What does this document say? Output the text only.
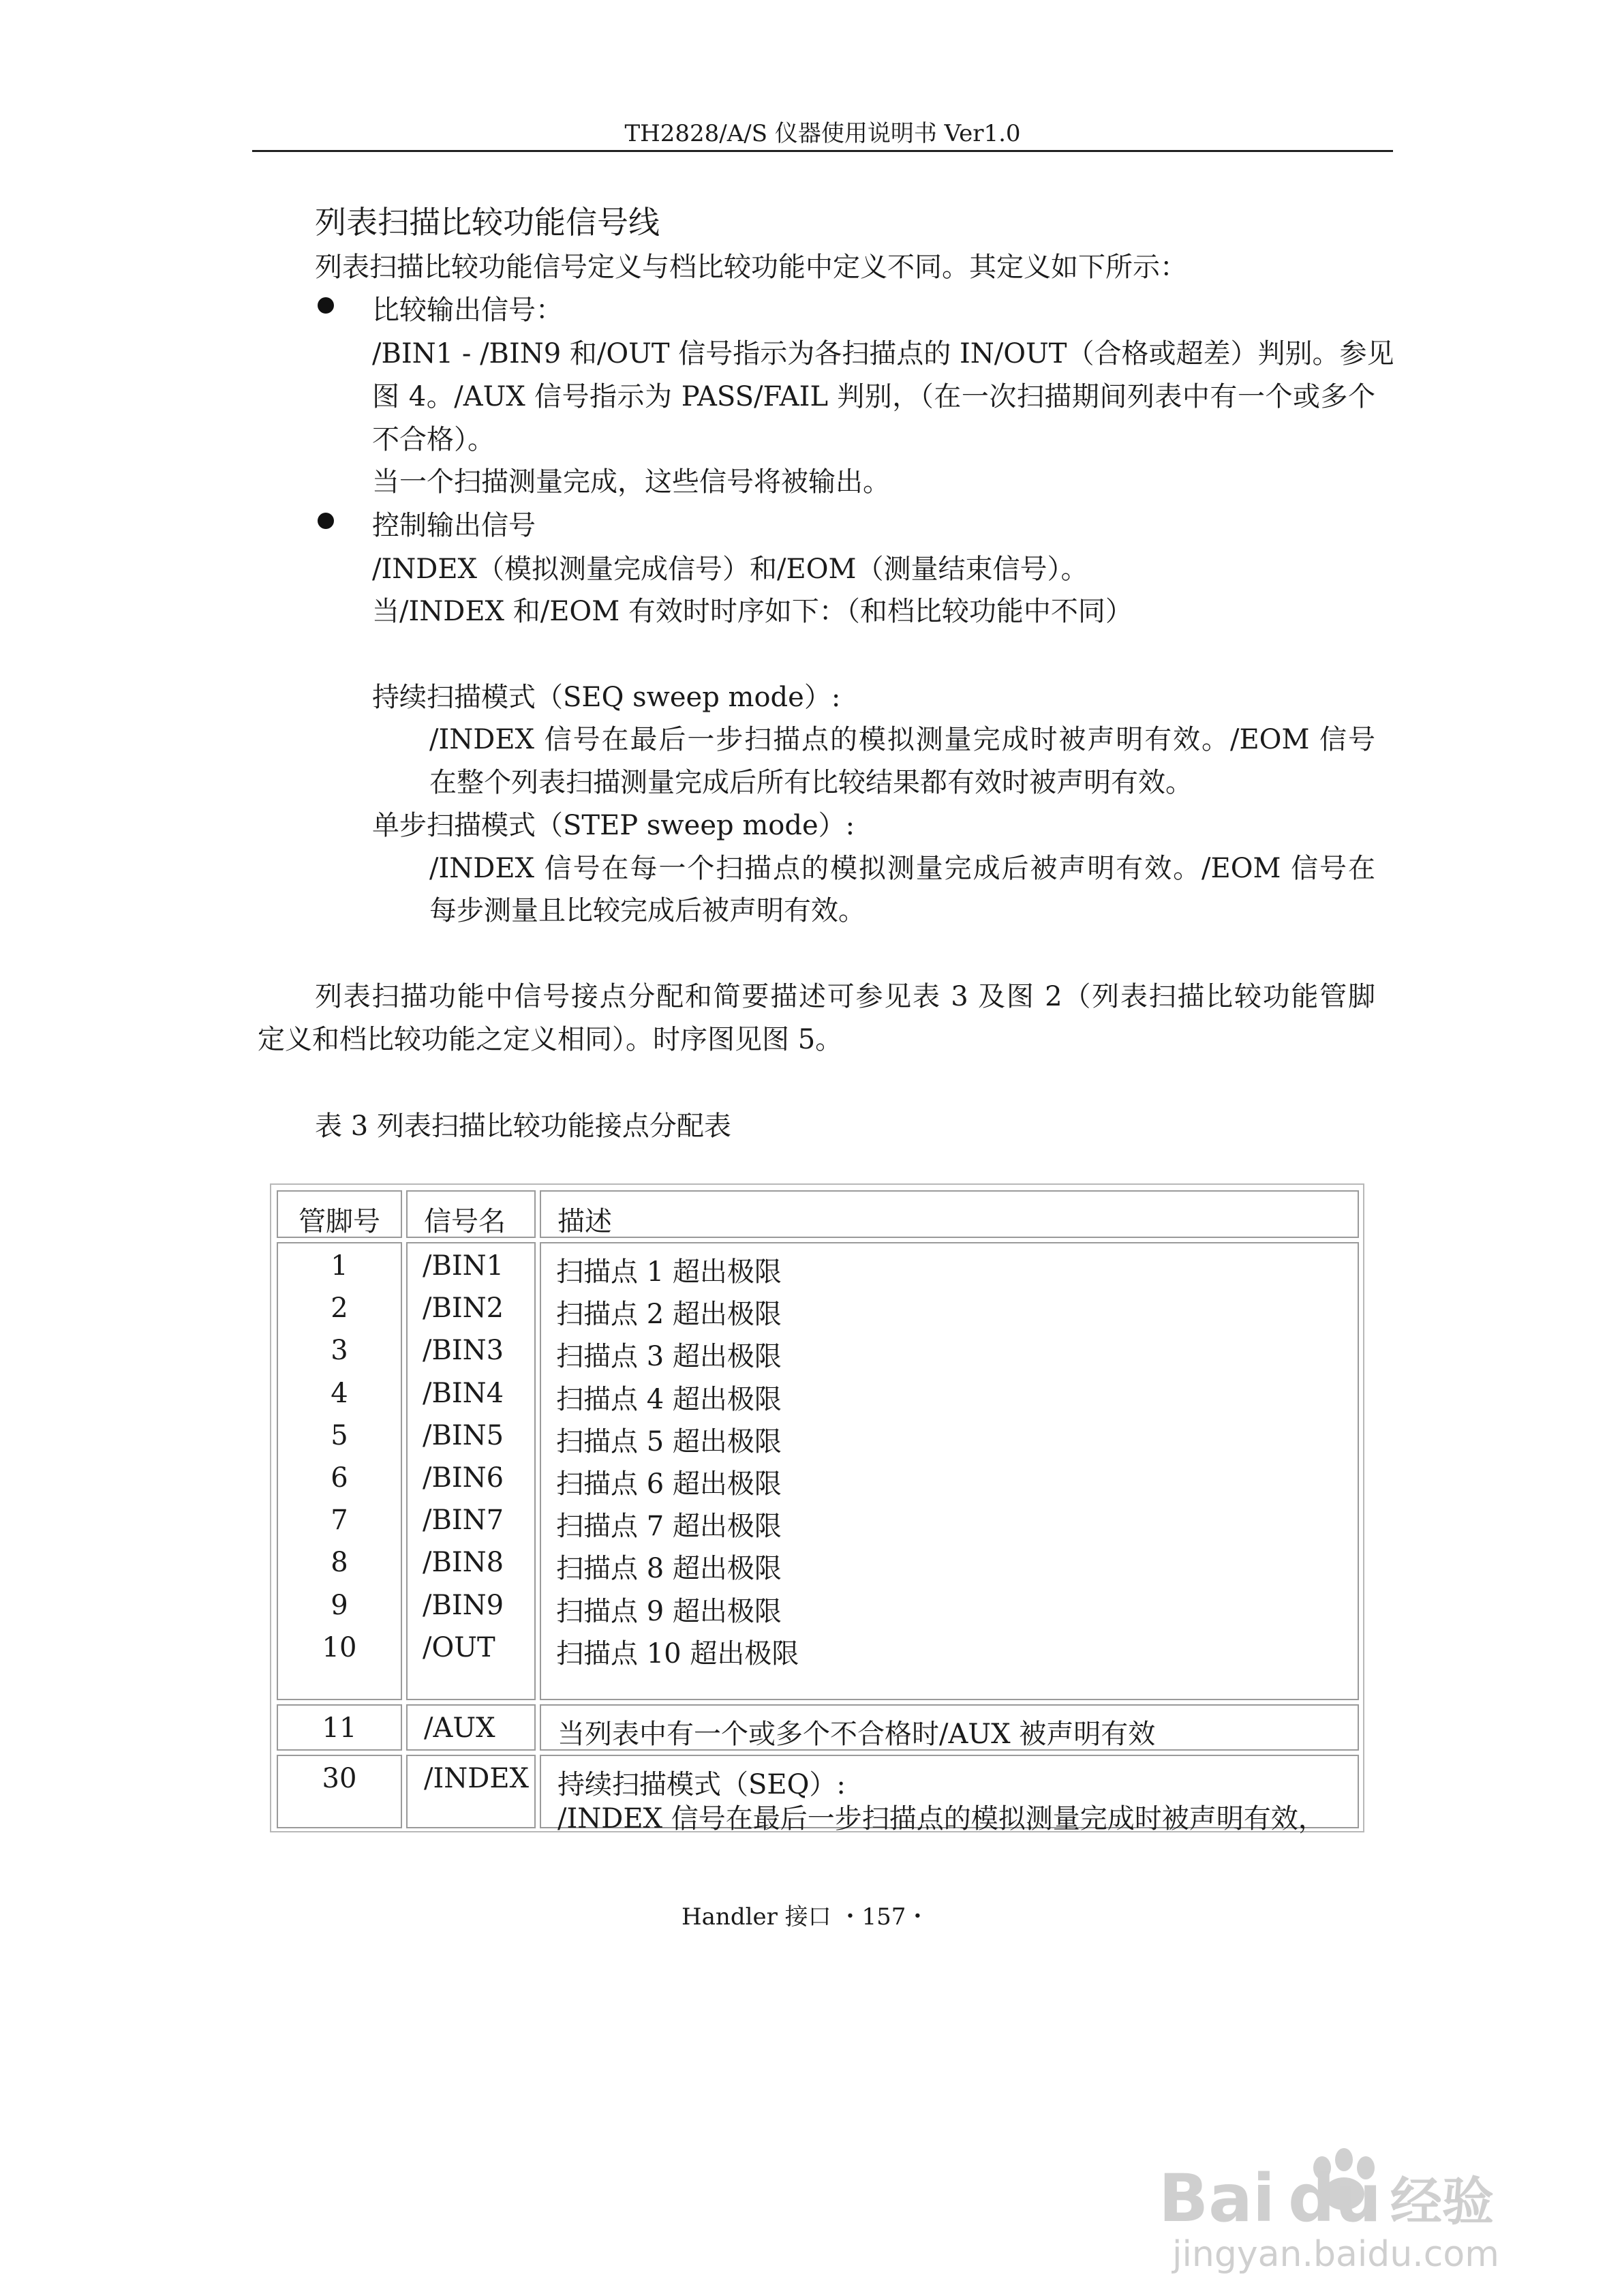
TH2828/A/S 仪器使用说明书 Ver1.0
列表扫描比较功能信号线
列表扫描比较功能信号定义与档比较功能中定义不同。其定义如下所示：
比较输出信号：
/BIN1 - /BIN9 和/OUT 信号指示为各扫描点的 IN/OUT（合格或超差）判别。参见
图 4。/AUX 信号指示为 PASS/FAIL 判别，（在一次扫描期间列表中有一个或多个
不合格）。
当一个扫描测量完成，这些信号将被输出。
控制输出信号
/INDEX（模拟测量完成信号）和/EOM（测量结束信号）。
当/INDEX 和/EOM 有效时时序如下：（和档比较功能中不同）
持续扫描模式（SEQ sweep mode）:
/INDEX 信号在最后一步扫描点的模拟测量完成时被声明有效。/EOM 信号
在整个列表扫描测量完成后所有比较结果都有效时被声明有效。
单步扫描模式（STEP sweep mode）:
/INDEX 信号在每一个扫描点的模拟测量完成后被声明有效。/EOM 信号在
每步测量且比较完成后被声明有效。
列表扫描功能中信号接点分配和简要描述可参见表 3 及图 2（列表扫描比较功能管脚
定义和档比较功能之定义相同）。时序图见图 5。
表 3 列表扫描比较功能接点分配表
管脚号	信号名 描述
1	/BIN1 扫描点 1 超出极限
2	/BIN2 扫描点 2 超出极限
3	/BIN3 扫描点 3 超出极限
4	/BIN4 扫描点 4 超出极限
5	/BIN5 扫描点 5 超出极限
6	/BIN6 扫描点 6 超出极限
7	/BIN7 扫描点 7 超出极限
8	/BIN8 扫描点 8 超出极限
9	/BIN9 扫描点 9 超出极限
10	/OUT 扫描点 10 超出极限
11	/AUX 当列表中有一个或多个不合格时/AUX 被声明有效
30	/INDEX 持续扫描模式（SEQ）:
/INDEX 信号在最后一步扫描点的模拟测量完成时被声明有效，
Handler 接口 ・157・
Bai du 经验
jingyan.baidu.com
